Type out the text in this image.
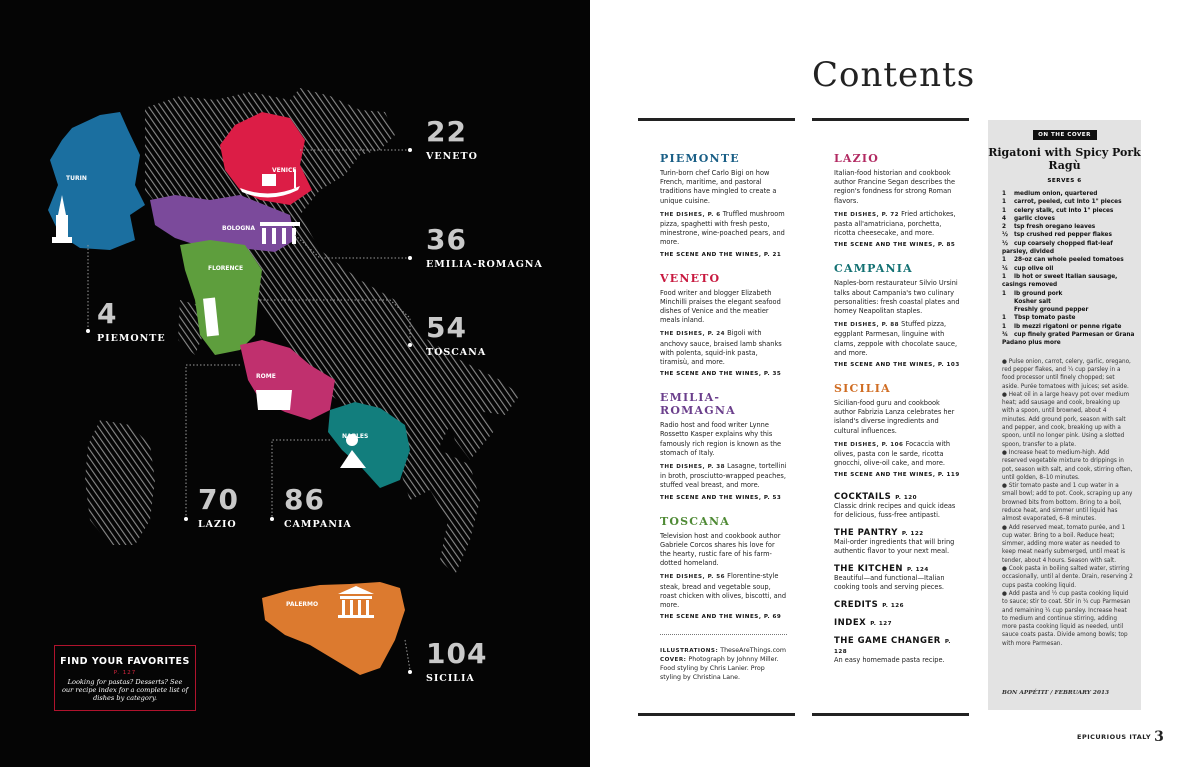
TURIN
VENICE
BOLOGNA
FLORENCE
ROME
NAPLES
PALERMO
22
VENETO
36
EMILIA-ROMAGNA
54
TOSCANA
4
PIEMONTE
70
LAZIO
86
CAMPANIA
104
SICILIA
FIND YOUR FAVORITES
P. 127
Looking for pastas? Desserts? See our recipe index for a complete list of dishes by category.
Contents
PIEMONTE
Turin-born chef Carlo Bigi on how French, maritime, and pastoral traditions have mingled to create a unique cuisine.
THE DISHES, P. 6 Truffled mushroom pizza, spaghetti with fresh pesto, minestrone, wine-poached pears, and more.
THE SCENE AND THE WINES, P. 21
VENETO
Food writer and blogger Elizabeth Minchilli praises the elegant seafood dishes of Venice and the meatier meals inland.
THE DISHES, P. 24 Bigoli with anchovy sauce, braised lamb shanks with polenta, squid-ink pasta, tiramisù, and more.
THE SCENE AND THE WINES, P. 35
EMILIA-ROMAGNA
Radio host and food writer Lynne Rossetto Kasper explains why this famously rich region is known as the stomach of Italy.
THE DISHES, P. 38 Lasagne, tortellini in broth, prosciutto-wrapped peaches, stuffed veal breast, and more.
THE SCENE AND THE WINES, P. 53
TOSCANA
Television host and cookbook author Gabriele Corcos shares his love for the hearty, rustic fare of his farm-dotted homeland.
THE DISHES, P. 56 Florentine-style steak, bread and vegetable soup, roast chicken with olives, biscotti, and more.
THE SCENE AND THE WINES, P. 69
ILLUSTRATIONS: TheseAreThings.com
COVER: Photograph by Johnny Miller. Food styling by Chris Lanier. Prop styling by Christina Lane.
LAZIO
Italian-food historian and cookbook author Francine Segan describes the region's fondness for strong Roman flavors.
THE DISHES, P. 72 Fried artichokes, pasta all'amatriciana, porchetta, ricotta cheesecake, and more.
THE SCENE AND THE WINES, P. 85
CAMPANIA
Naples-born restaurateur Silvio Ursini talks about Campania's two culinary personalities: fresh coastal plates and homey Neapolitan staples.
THE DISHES, P. 88 Stuffed pizza, eggplant Parmesan, linguine with clams, zeppole with chocolate sauce, and more.
THE SCENE AND THE WINES, P. 103
SICILIA
Sicilian-food guru and cookbook author Fabrizia Lanza celebrates her island's diverse ingredients and cultural influences.
THE DISHES, P. 106 Focaccia with olives, pasta con le sarde, ricotta gnocchi, olive-oil cake, and more.
THE SCENE AND THE WINES, P. 119
COCKTAILS P. 120
Classic drink recipes and quick ideas for delicious, fuss-free antipasti.
THE PANTRY P. 122
Mail-order ingredients that will bring authentic flavor to your next meal.
THE KITCHEN P. 124
Beautiful—and functional—Italian cooking tools and serving pieces.
CREDITS P. 126
INDEX P. 127
THE GAME CHANGER P. 128
An easy homemade pasta recipe.
ON THE COVER
Rigatoni with Spicy Pork Ragù
SERVES 6
1 medium onion, quartered
1 carrot, peeled, cut into 1" pieces
1 celery stalk, cut into 1" pieces
4 garlic cloves
2 tsp fresh oregano leaves
½ tsp crushed red pepper flakes
½ cup coarsely chopped flat-leaf parsley, divided
1 28-oz can whole peeled tomatoes
¼ cup olive oil
1 lb hot or sweet Italian sausage, casings removed
1 lb ground pork
Kosher salt
Freshly ground pepper
1 Tbsp tomato paste
1 lb mezzi rigatoni or penne rigate
¾ cup finely grated Parmesan or Grana Padano plus more

● Pulse onion, carrot, celery, garlic, oregano, red pepper flakes, and ¼ cup parsley in a food processor until finely chopped; set aside. Purée tomatoes with juices; set aside.

● Heat oil in a large heavy pot over medium heat; add sausage and cook, breaking up with a spoon, until browned, about 4 minutes. Add ground pork, season with salt and pepper, and cook, breaking up with a spoon, until no longer pink. Using a slotted spoon, transfer to a plate.

● Increase heat to medium-high. Add reserved vegetable mixture to drippings in pot, season with salt, and cook, stirring often, until golden, 8–10 minutes.

● Stir tomato paste and 1 cup water in a small bowl; add to pot. Cook, scraping up any browned bits from bottom. Bring to a boil, reduce heat, and simmer until liquid has almost evaporated, 6–8 minutes.

● Add reserved meat, tomato purée, and 1 cup water. Bring to a boil. Reduce heat; simmer, adding more water as needed to keep meat nearly submerged, until meat is tender, about 4 hours. Season with salt.

● Cook pasta in boiling salted water, stirring occasionally, until al dente. Drain, reserving 2 cups pasta cooking liquid.

● Add pasta and ½ cup pasta cooking liquid to sauce; stir to coat. Stir in ¾ cup Parmesan and remaining ¼ cup parsley. Increase heat to medium and continue stirring, adding more pasta cooking liquid as needed, until sauce coats pasta. Divide among bowls; top with more Parmesan.

BON APPÉTIT / FEBRUARY 2013
EPICURIOUS ITALY 3
